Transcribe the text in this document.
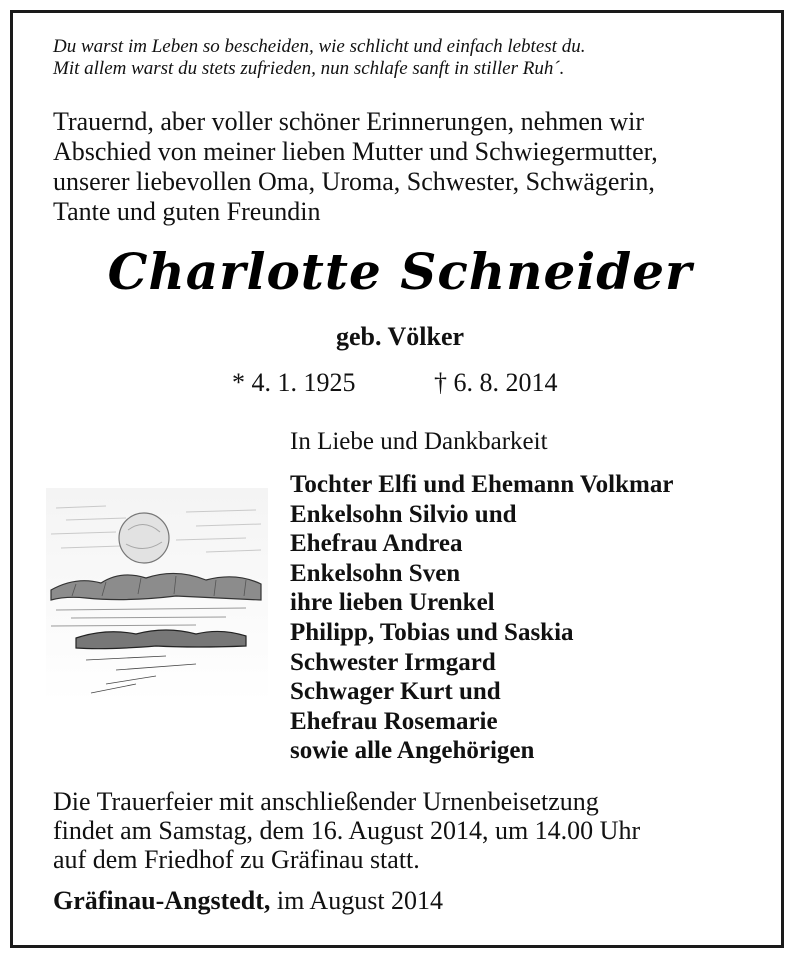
Du warst im Leben so bescheiden, wie schlicht und einfach lebtest du.
Mit allem warst du stets zufrieden, nun schlafe sanft in stiller Ruh´.
Trauernd, aber voller schöner Erinnerungen, nehmen wir
Abschied von meiner lieben Mutter und Schwiegermutter,
unserer liebevollen Oma, Uroma, Schwester, Schwägerin,
Tante und guten Freundin
Charlotte Schneider
geb. Völker
* 4. 1. 1925	† 6. 8. 2014
In Liebe und Dankbarkeit
Tochter Elfi und Ehemann Volkmar
Enkelsohn Silvio und
Ehefrau Andrea
Enkelsohn Sven
ihre lieben Urenkel
Philipp, Tobias und Saskia
Schwester Irmgard
Schwager Kurt und
Ehefrau Rosemarie
sowie alle Angehörigen
Die Trauerfeier mit anschließender Urnenbeisetzung
findet am Samstag, dem 16. August 2014, um 14.00 Uhr
auf dem Friedhof zu Gräfinau statt.
Gräfinau-Angstedt, im August 2014
